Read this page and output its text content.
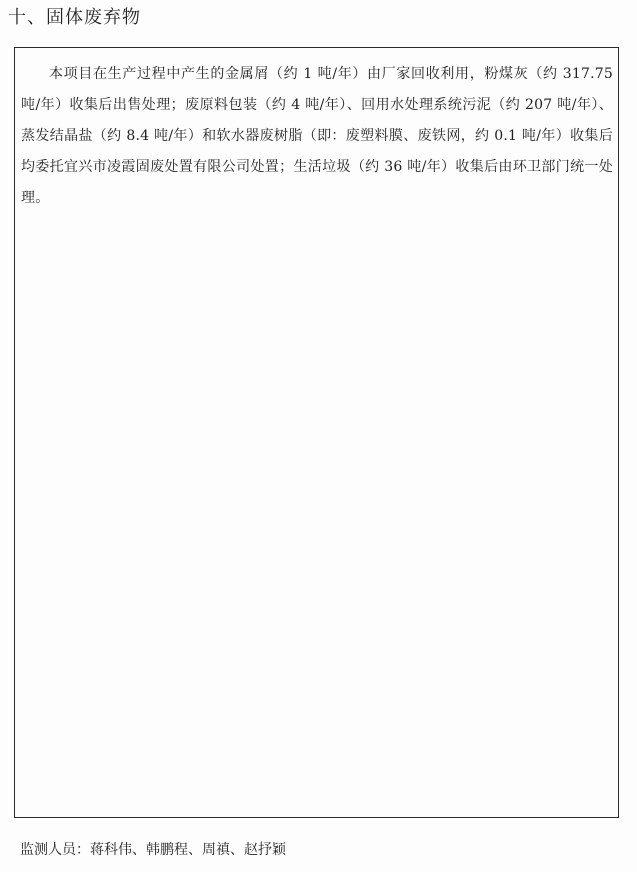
十、固体废弃物

本项目在生产过程中产生的金属屑（约 1 吨/年）由厂家回收利用，粉煤灰（约 317.75 吨/年）收集后出售处理；废原料包装（约 4 吨/年）、回用水处理系统污泥（约 207 吨/年）、蒸发结晶盐（约 8.4 吨/年）和软水器废树脂（即：废塑料膜、废铁网，约 0.1 吨/年）收集后均委托宜兴市凌霞固废处置有限公司处置；生活垃圾（约 36 吨/年）收集后由环卫部门统一处理。

监测人员：蒋科伟、韩鹏程、周禛、赵抒颖
